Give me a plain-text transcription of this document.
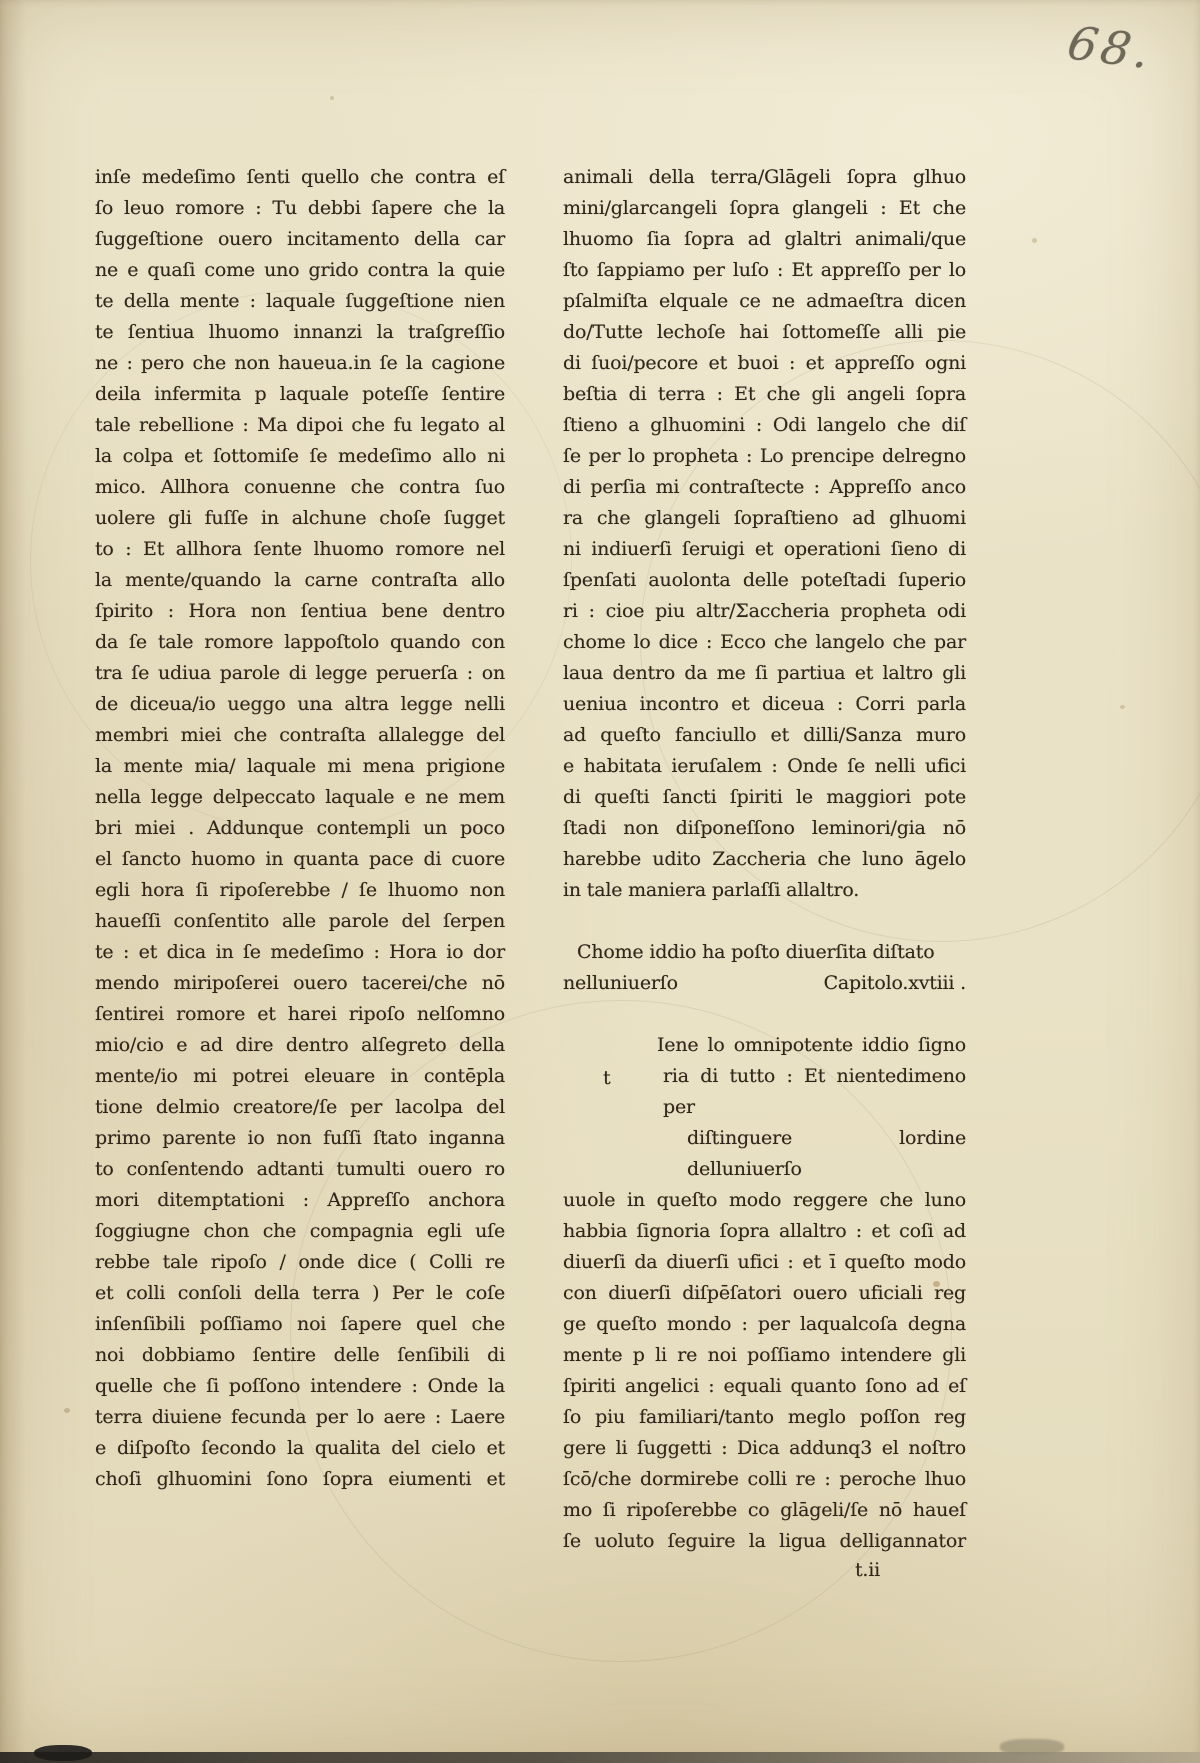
68.
inſe medeſimo ſenti quello che contra eſ
ſo leuo romore : Tu debbi ſapere che la
ſuggeſtione ouero incitamento della car
ne e quaſi come uno grido contra la quie
te della mente : laquale ſuggeſtione nien
te ſentiua lhuomo innanzi la traſgreſſio
ne : pero che non haueua.in ſe la cagione
deila infermita p laquale poteſſe ſentire
tale rebellione : Ma dipoi che fu legato al
la colpa et ſottomiſe ſe medeſimo allo ni
mico. Allhora conuenne che contra ſuo
uolere gli fuſſe in alchune choſe ſugget
to : Et allhora ſente lhuomo romore nel
la mente/quando la carne contraſta allo
ſpirito : Hora non ſentiua bene dentro
da ſe tale romore lappoſtolo quando con
tra ſe udiua parole di legge peruerſa : on
de diceua/io ueggo una altra legge nelli
membri miei che contraſta allalegge del
la mente mia/ laquale mi mena prigione
nella legge delpeccato laquale e ne mem
bri miei . Addunque contempli un poco
el ſancto huomo in quanta pace di cuore
egli hora ſi ripoſerebbe / ſe lhuomo non
haueſſi conſentito alle parole del ſerpen
te : et dica in ſe medeſimo : Hora io dor
mendo miripoſerei ouero tacerei/che nō
ſentirei romore et harei ripoſo nelſomno
mio/cio e ad dire dentro alſegreto della
mente/io mi potrei eleuare in contēpla
tione delmio creatore/ſe per lacolpa del
primo parente io non fuſſi ſtato inganna
to conſentendo adtanti tumulti ouero ro
mori ditemptationi : Appreſſo anchora
ſoggiugne chon che compagnia egli uſe
rebbe tale ripoſo / onde dice ( Colli re
et colli conſoli della terra ) Per le coſe
inſenſibili poſſiamo noi ſapere quel che
noi dobbiamo ſentire delle ſenſibili di
quelle che ſi poſſono intendere : Onde la
terra diuiene fecunda per lo aere : Laere
e diſpoſto ſecondo la qualita del cielo et
choſi glhuomini ſono ſopra eiumenti et
animali della terra/Glāgeli ſopra glhuo
mini/glarcangeli ſopra glangeli : Et che
lhuomo ſia ſopra ad glaltri animali/que
ſto ſappiamo per luſo : Et appreſſo per lo
pſalmiſta elquale ce ne admaeſtra dicen
do/Tutte lechoſe hai ſottomeſſe alli pie
di ſuoi/pecore et buoi : et appreſſo ogni
beſtia di terra : Et che gli angeli ſopra
ſtieno a glhuomini : Odi langelo che diſ
ſe per lo propheta : Lo prencipe delregno
di perſia mi contraſtecte : Appreſſo anco
ra che glangeli ſopraſtieno ad glhuomi
ni indiuerſi ſeruigi et operationi ſieno di
ſpenſati auolonta delle poteſtadi ſuperio
ri : cioe piu altr/Σaccheria propheta odi
chome lo dice : Ecco che langelo che par
laua dentro da me ſi partiua et laltro gli
ueniua incontro et diceua : Corri parla
ad queſto fanciullo et dilli/Sanza muro
e habitata ieruſalem : Onde ſe nelli ufici
di queſti ſancti ſpiriti le maggiori pote
ſtadi non diſponeſſono leminori/gia nō
harebbe udito Zaccheria che luno āgelo
in tale maniera parlaſſi allaltro.
Chome iddio ha poſto diuerſita diſtato
nelluniuerſo	Capitolo.xvtiii .
t
Iene lo omnipotente iddio ſigno
ria di tutto : Et nientedimeno per
diſtinguere lordine delluniuerſo
uuole in queſto modo reggere che luno
habbia ſignoria ſopra allaltro : et coſi ad
diuerſi da diuerſi ufici : et ī queſto modo
con diuerſi diſpēſatori ouero uficiali reg
ge queſto mondo : per laqualcoſa degna
mente p li re noi poſſiamo intendere gli
ſpiriti angelici : equali quanto ſono ad eſ
ſo piu familiari/tanto meglo poſſon reg
gere li ſuggetti : Dica addunq3 el noſtro
ſcō/che dormirebe colli re : peroche lhuo
mo ſi ripoſerebbe co glāgeli/ſe nō haueſ
ſe uoluto ſeguire la ligua delligannator
t.ii
